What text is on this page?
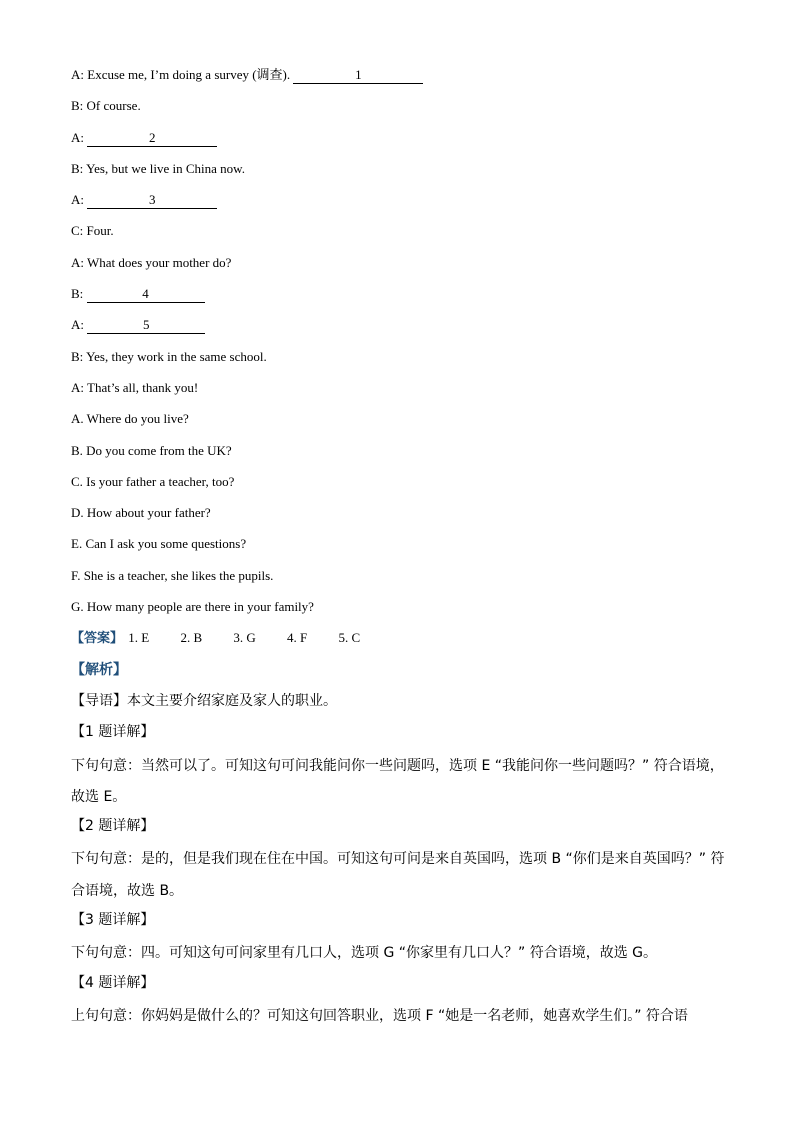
A: Excuse me, I’m doing a survey (调查).	1
B: Of course.
A:	2
B: Yes, but we live in China now.
A:	3
C: Four.
A: What does your mother do?
B:	4
A:	5
B: Yes, they work in the same school.
A: That’s all, thank you!
A. Where do you live?
B. Do you come from the UK?
C. Is your father a teacher, too?
D. How about your father?
E. Can I ask you some questions?
F. She is a teacher, she likes the pupils.
G. How many people are there in your family?
【答案】 1. E 2. B 3. G 4. F 5. C
【解析】
【导语】本文主要介绍家庭及家人的职业。
【1 题详解】
下句句意：当然可以了。可知这句可问我能问你一些问题吗，选项 E “我能问你一些问题吗？” 符合语境，故选 E。
【2 题详解】
下句句意：是的，但是我们现在住在中国。可知这句可问是来自英国吗，选项 B “你们是来自英国吗？” 符合语境，故选 B。
【3 题详解】
下句句意：四。可知这句可问家里有几口人，选项 G “你家里有几口人？” 符合语境，故选 G。
【4 题详解】
上句句意：你妈妈是做什么的？可知这句回答职业，选项 F “她是一名老师，她喜欢学生们。” 符合语
